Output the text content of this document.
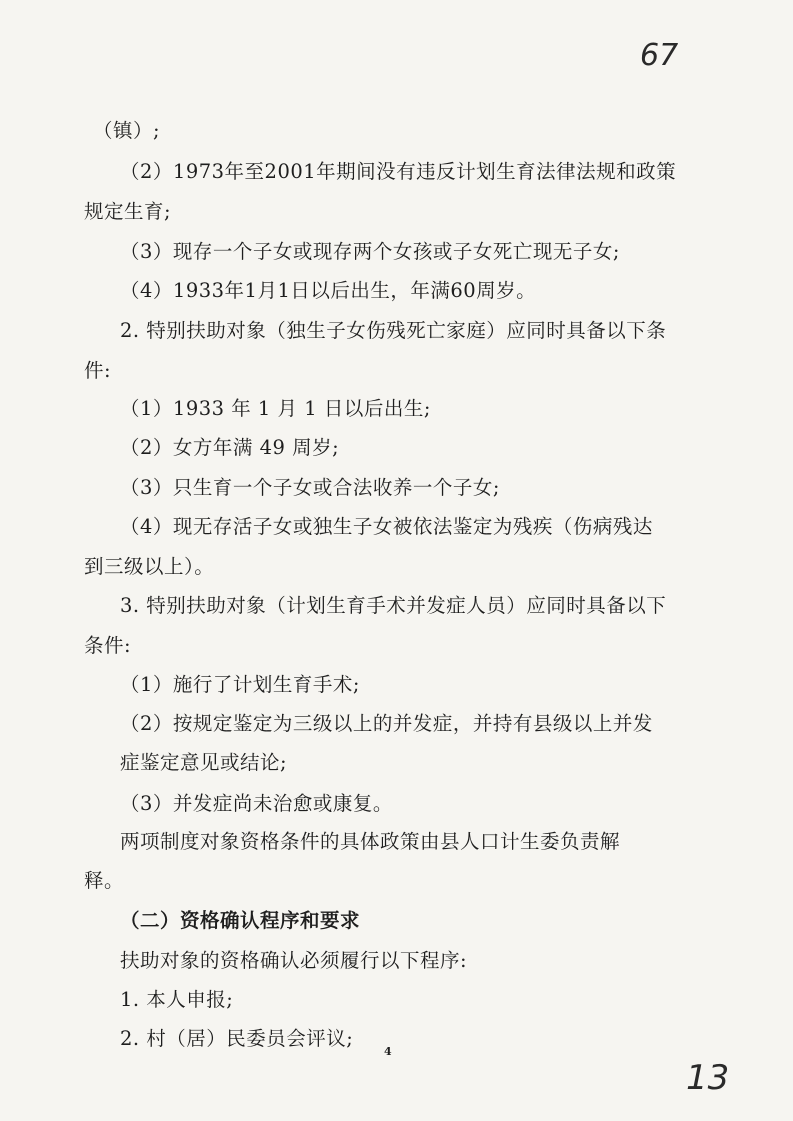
67
（镇）;
（2）1973年至2001年期间没有违反计划生育法律法规和政策
规定生育;
（3）现存一个子女或现存两个女孩或子女死亡现无子女;
（4）1933年1月1日以后出生，年满60周岁。
2. 特别扶助对象（独生子女伤残死亡家庭）应同时具备以下条
件:
（1）1933 年 1 月 1 日以后出生;
（2）女方年满 49 周岁;
（3）只生育一个子女或合法收养一个子女;
（4）现无存活子女或独生子女被依法鉴定为残疾（伤病残达
到三级以上）。
3. 特别扶助对象（计划生育手术并发症人员）应同时具备以下
条件:
（1）施行了计划生育手术;
（2）按规定鉴定为三级以上的并发症，并持有县级以上并发
症鉴定意见或结论;
（3）并发症尚未治愈或康复。
两项制度对象资格条件的具体政策由县人口计生委负责解
释。
（二）资格确认程序和要求
扶助对象的资格确认必须履行以下程序:
1. 本人申报;
2. 村（居）民委员会评议;
4
13
